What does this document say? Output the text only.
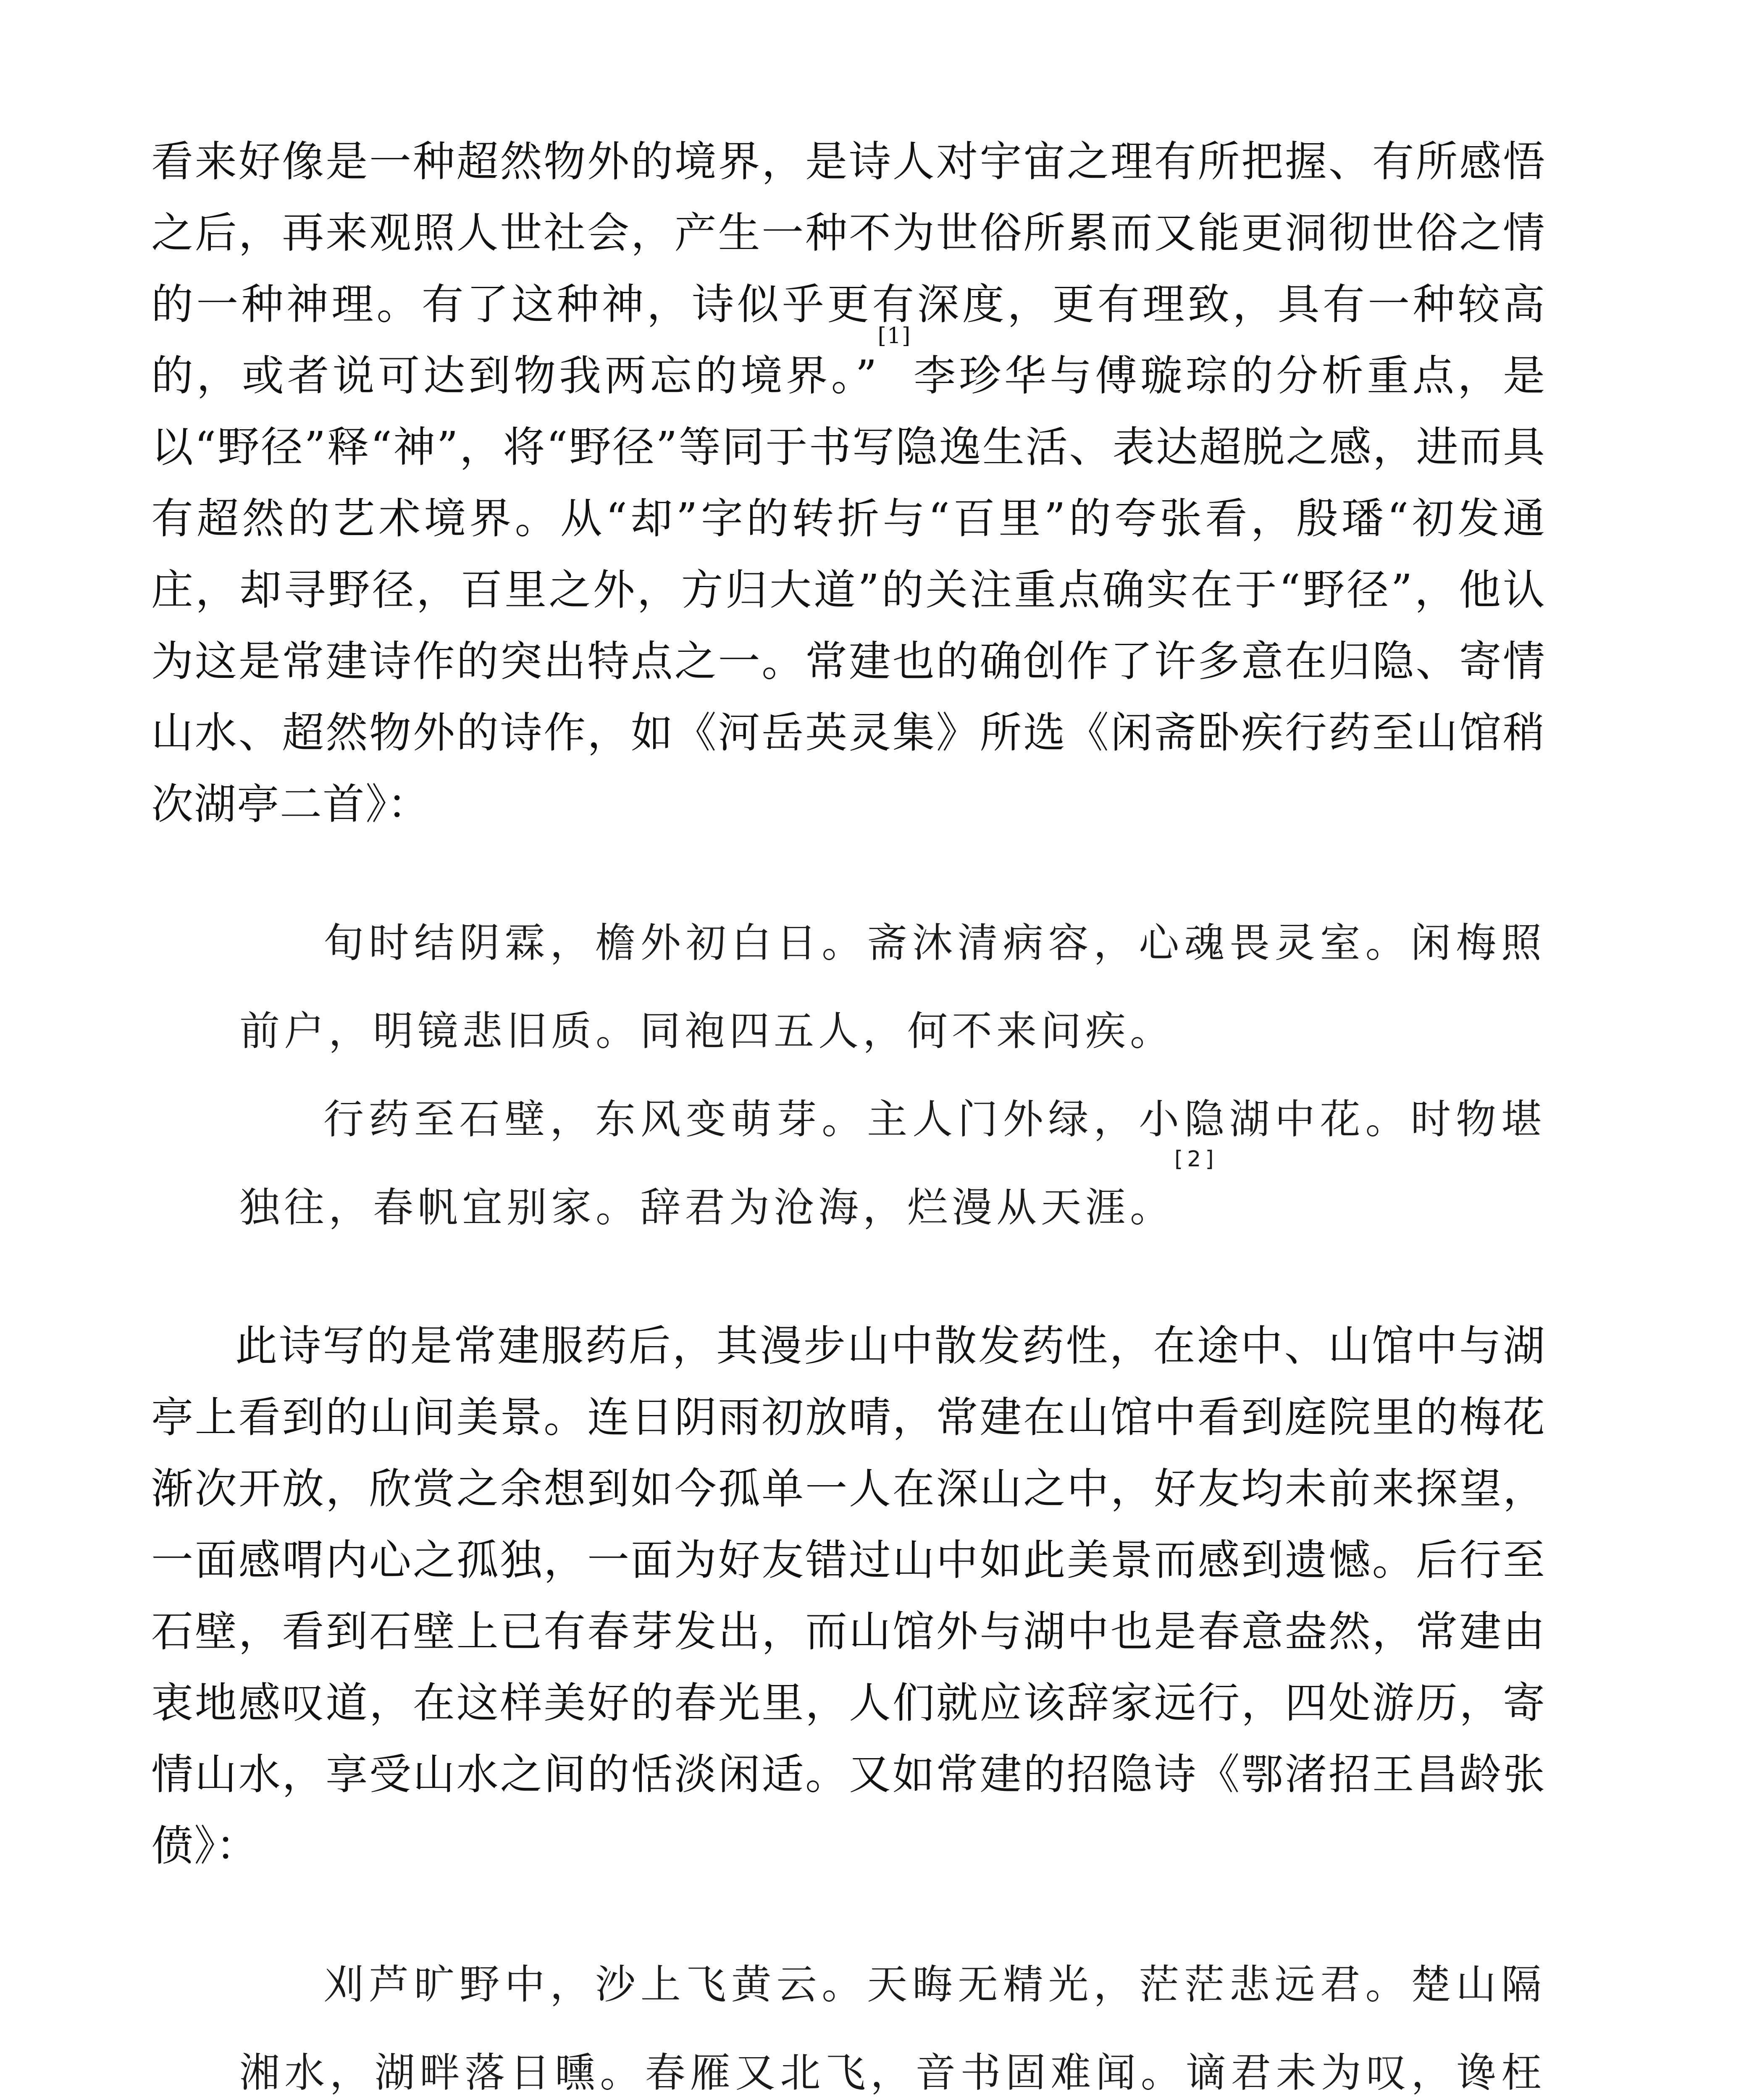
看来好像是一种超然物外的境界，是诗人对宇宙之理有所把握、有所感悟之后，再来观照人世社会，产生一种不为世俗所累而又能更洞彻世俗之情的一种神理。有了这种神，诗似乎更有深度，更有理致，具有一种较高的，或者说可达到物我两忘的境界。”[1]李珍华与傅璇琮的分析重点，是以“野径”释“神”，将“野径”等同于书写隐逸生活、表达超脱之感，进而具有超然的艺术境界。从“却”字的转折与“百里”的夸张看，殷璠“初发通庄，却寻野径，百里之外，方归大道”的关注重点确实在于“野径”，他认为这是常建诗作的突出特点之一。常建也的确创作了许多意在归隐、寄情山水、超然物外的诗作，如《河岳英灵集》所选《闲斋卧疾行药至山馆稍次湖亭二首》：

旬时结阴霖，檐外初白日。斋沐清病容，心魂畏灵室。闲梅照前户，明镜悲旧质。同袍四五人，何不来问疾。

行药至石壁，东风变萌芽。主人门外绿，小隐湖中花。时物堪独往，春帆宜别家。辞君为沧海，烂漫从天涯。[2]

此诗写的是常建服药后，其漫步山中散发药性，在途中、山馆中与湖亭上看到的山间美景。连日阴雨初放晴，常建在山馆中看到庭院里的梅花渐次开放，欣赏之余想到如今孤单一人在深山之中，好友均未前来探望，一面感喟内心之孤独，一面为好友错过山中如此美景而感到遗憾。后行至石壁，看到石壁上已有春芽发出，而山馆外与湖中也是春意盎然，常建由衷地感叹道，在这样美好的春光里，人们就应该辞家远行，四处游历，寄情山水，享受山水之间的恬淡闲适。又如常建的招隐诗《鄂渚招王昌龄张偾》：

刈芦旷野中，沙上飞黄云。天晦无精光，茫茫悲远君。楚山隔湘水，湖畔落日曛。春雁又北飞，音书固难闻。谪君未为叹，谗枉
